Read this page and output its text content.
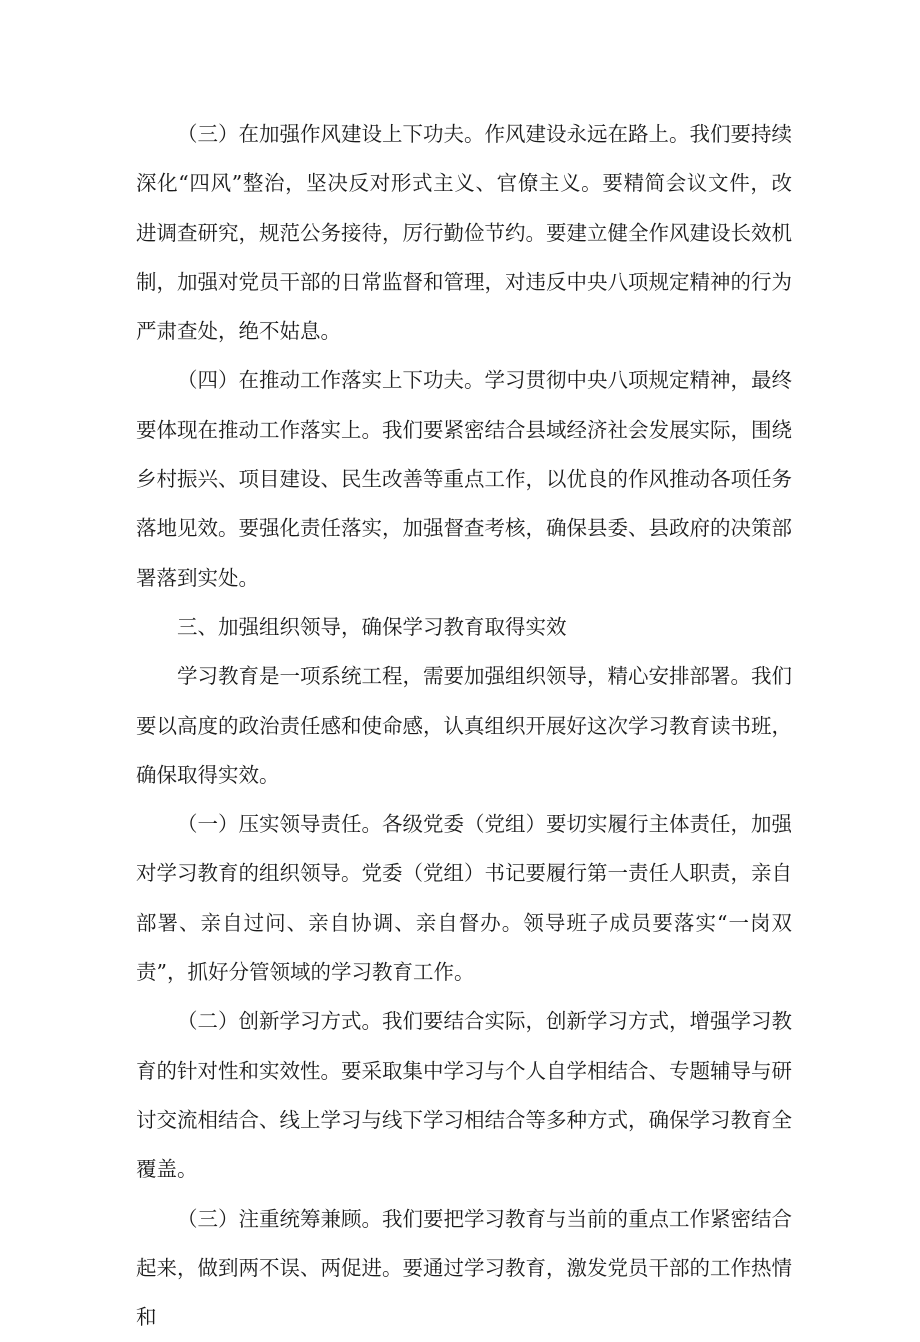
（三）在加强作风建设上下功夫。作风建设永远在路上。我们要持续深化“四风”整治，坚决反对形式主义、官僚主义。要精简会议文件，改进调查研究，规范公务接待，厉行勤俭节约。要建立健全作风建设长效机制，加强对党员干部的日常监督和管理，对违反中央八项规定精神的行为严肃查处，绝不姑息。

（四）在推动工作落实上下功夫。学习贯彻中央八项规定精神，最终要体现在推动工作落实上。我们要紧密结合县域经济社会发展实际，围绕乡村振兴、项目建设、民生改善等重点工作，以优良的作风推动各项任务落地见效。要强化责任落实，加强督查考核，确保县委、县政府的决策部署落到实处。

三、加强组织领导，确保学习教育取得实效

学习教育是一项系统工程，需要加强组织领导，精心安排部署。我们要以高度的政治责任感和使命感，认真组织开展好这次学习教育读书班，确保取得实效。

（一）压实领导责任。各级党委（党组）要切实履行主体责任，加强对学习教育的组织领导。党委（党组）书记要履行第一责任人职责，亲自部署、亲自过问、亲自协调、亲自督办。领导班子成员要落实“一岗双责”，抓好分管领域的学习教育工作。

（二）创新学习方式。我们要结合实际，创新学习方式，增强学习教育的针对性和实效性。要采取集中学习与个人自学相结合、专题辅导与研讨交流相结合、线上学习与线下学习相结合等多种方式，确保学习教育全覆盖。

（三）注重统筹兼顾。我们要把学习教育与当前的重点工作紧密结合起来，做到两不误、两促进。要通过学习教育，激发党员干部的工作热情和
